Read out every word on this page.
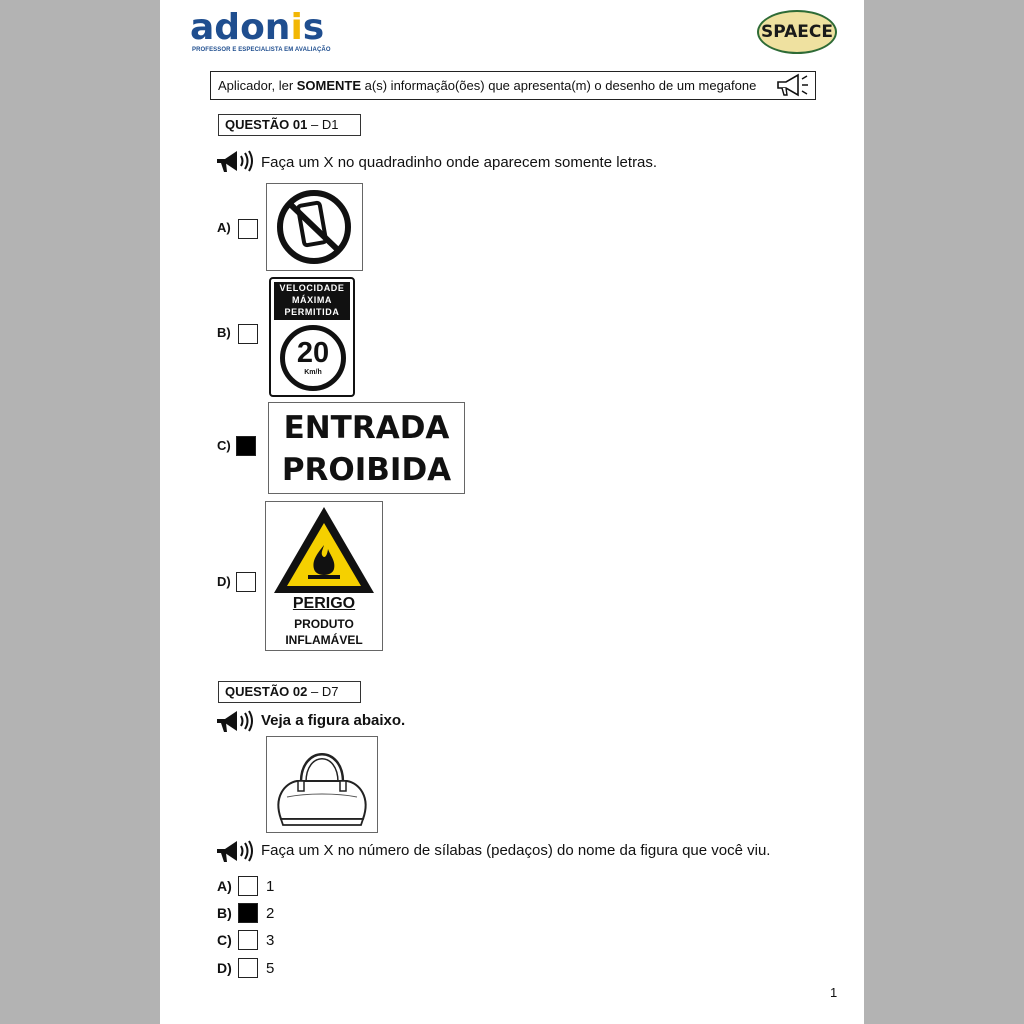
adonis
PROFESSOR E ESPECIALISTA EM AVALIAÇÃO
SPAECE
Aplicador, ler SOMENTE a(s) informação(ões) que apresenta(m) o desenho de um megafone
QUESTÃO 01 – D1
Faça um X no quadradinho onde aparecem somente letras.
A)
B)
VELOCIDADE
MÁXIMA
PERMITIDA
20
Km/h
C)	ENTRADA
PROIBIDA
D)
PERIGO
PRODUTO
INFLAMÁVEL
QUESTÃO 02 – D7
Veja a figura abaixo.
Faça um X no número de sílabas (pedaços) do nome da figura que você viu.
A) 1
B) 2
C) 3
D) 5
1
